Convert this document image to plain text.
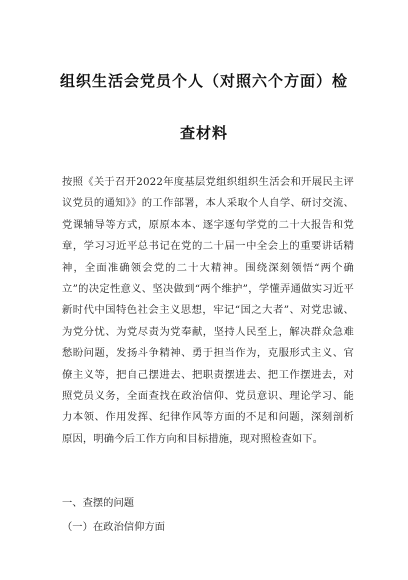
组织生活会党员个人（对照六个方面）检
查材料
按照《关于召开2022年度基层党组织组织生活会和开展民主评议党员的通知》》的工作部署，本人采取个人自学、研讨交流、党课辅导等方式，原原本本、逐字逐句学党的二十大报告和党章，学习习近平总书记在党的二十届一中全会上的重要讲话精神，全面准确领会党的二十大精神。围绕深刻领悟“两个确立”的决定性意义、坚决做到“两个维护”，学懂弄通做实习近平新时代中国特色社会主义思想，牢记“国之大者”、对党忠诚、为党分忧、为党尽责为党奉献，坚持人民至上，解决群众急难愁盼问题，发扬斗争精神、勇于担当作为，克服形式主义、官僚主义等，把自己摆进去、把职责摆进去、把工作摆进去，对照党员义务，全面查找在政治信仰、党员意识、理论学习、能力本领、作用发挥、纪律作风等方面的不足和问题，深刻剖析原因，明确今后工作方向和目标措施，现对照检查如下。
一、查摆的问题
（一）在政治信仰方面
